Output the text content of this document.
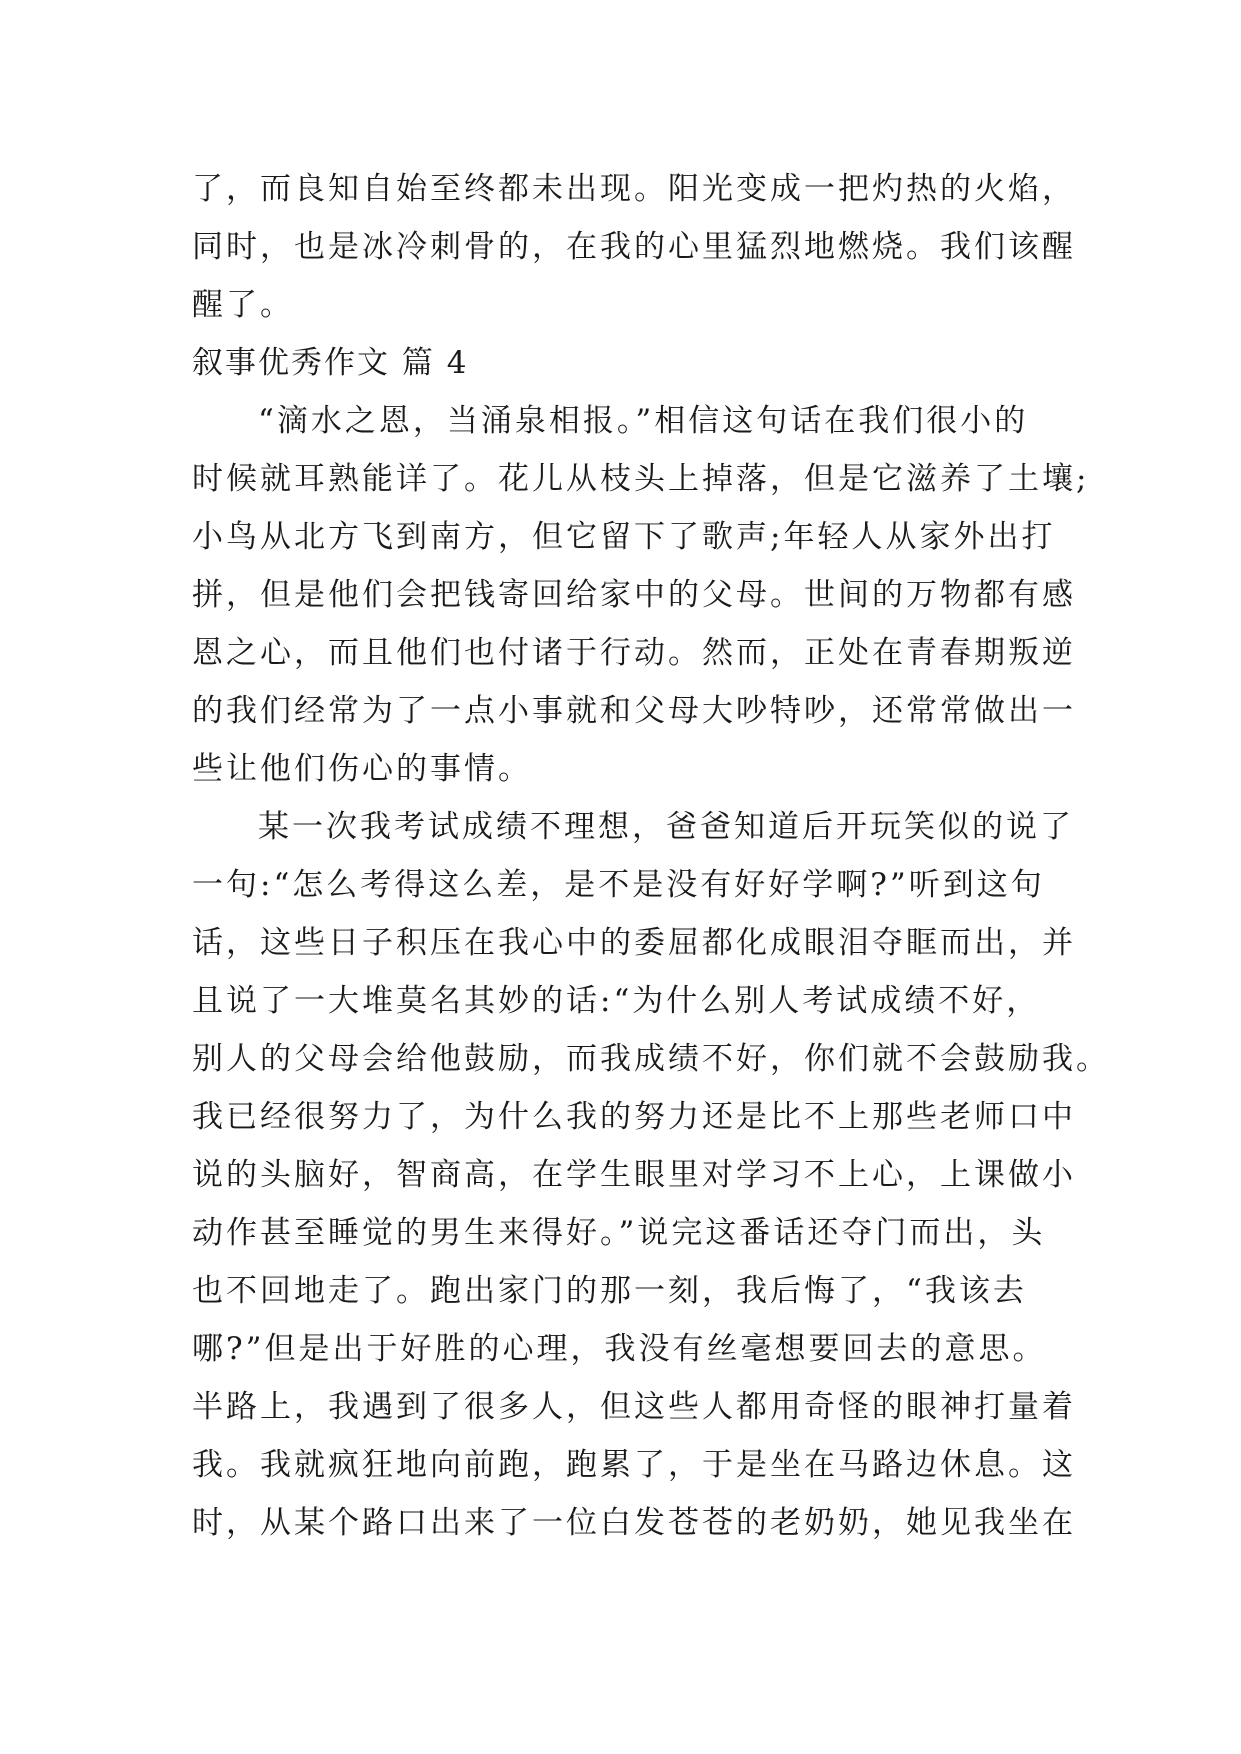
了，而良知自始至终都未出现。阳光变成一把灼热的火焰，
同时，也是冰冷刺骨的，在我的心里猛烈地燃烧。我们该醒
醒了。
叙事优秀作文 篇 4
“滴水之恩，当涌泉相报。”相信这句话在我们很小的
时候就耳熟能详了。花儿从枝头上掉落，但是它滋养了土壤;
小鸟从北方飞到南方，但它留下了歌声;年轻人从家外出打
拼，但是他们会把钱寄回给家中的父母。世间的万物都有感
恩之心，而且他们也付诸于行动。然而，正处在青春期叛逆
的我们经常为了一点小事就和父母大吵特吵，还常常做出一
些让他们伤心的事情。
某一次我考试成绩不理想，爸爸知道后开玩笑似的说了
一句:“怎么考得这么差，是不是没有好好学啊?”听到这句
话，这些日子积压在我心中的委屈都化成眼泪夺眶而出，并
且说了一大堆莫名其妙的话:“为什么别人考试成绩不好，
别人的父母会给他鼓励，而我成绩不好，你们就不会鼓励我。
我已经很努力了，为什么我的努力还是比不上那些老师口中
说的头脑好，智商高，在学生眼里对学习不上心，上课做小
动作甚至睡觉的男生来得好。”说完这番话还夺门而出，头
也不回地走了。跑出家门的那一刻，我后悔了，“我该去
哪?”但是出于好胜的心理，我没有丝毫想要回去的意思。
半路上，我遇到了很多人，但这些人都用奇怪的眼神打量着
我。我就疯狂地向前跑，跑累了，于是坐在马路边休息。这
时，从某个路口出来了一位白发苍苍的老奶奶，她见我坐在
